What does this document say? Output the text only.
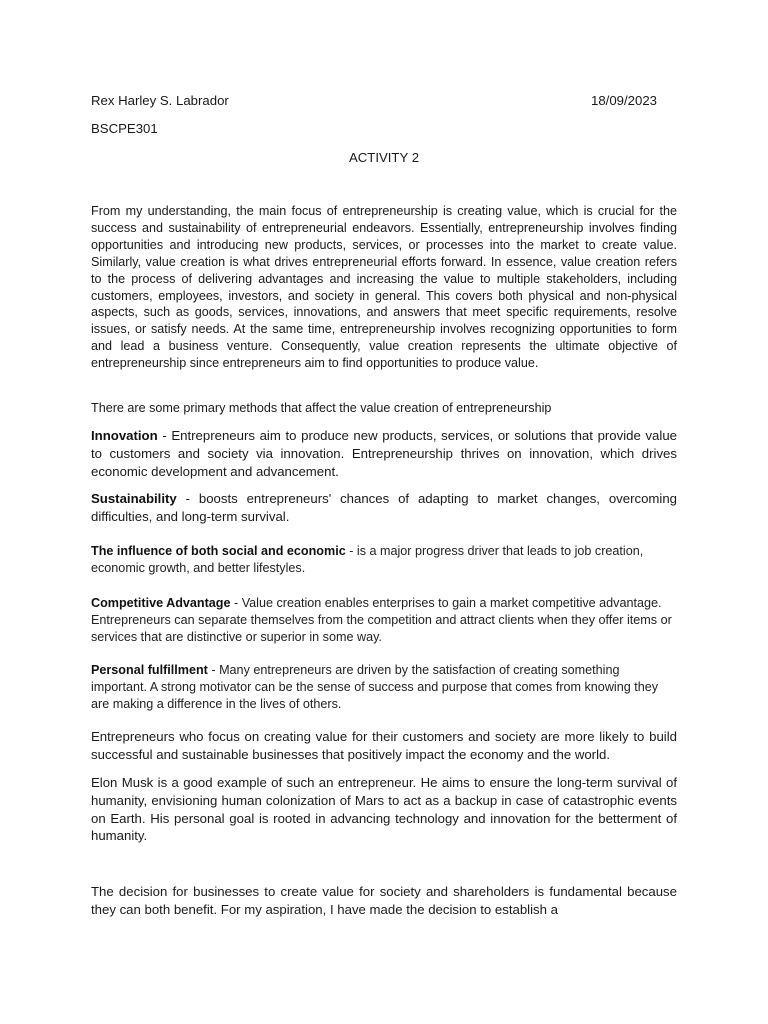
Rex Harley S. Labrador	18/09/2023
BSCPE301
ACTIVITY 2

From my understanding, the main focus of entrepreneurship is creating value, which is crucial for the success and sustainability of entrepreneurial endeavors. Essentially, entrepreneurship involves finding opportunities and introducing new products, services, or processes into the market to create value. Similarly, value creation is what drives entrepreneurial efforts forward. In essence, value creation refers to the process of delivering advantages and increasing the value to multiple stakeholders, including customers, employees, investors, and society in general. This covers both physical and non-physical aspects, such as goods, services, innovations, and answers that meet specific requirements, resolve issues, or satisfy needs. At the same time, entrepreneurship involves recognizing opportunities to form and lead a business venture. Consequently, value creation represents the ultimate objective of entrepreneurship since entrepreneurs aim to find opportunities to produce value.

There are some primary methods that affect the value creation of entrepreneurship

Innovation - Entrepreneurs aim to produce new products, services, or solutions that provide value to customers and society via innovation. Entrepreneurship thrives on innovation, which drives economic development and advancement.

Sustainability - boosts entrepreneurs' chances of adapting to market changes, overcoming difficulties, and long-term survival.

The influence of both social and economic - is a major progress driver that leads to job creation, economic growth, and better lifestyles.

Competitive Advantage - Value creation enables enterprises to gain a market competitive advantage. Entrepreneurs can separate themselves from the competition and attract clients when they offer items or services that are distinctive or superior in some way.

Personal fulfillment - Many entrepreneurs are driven by the satisfaction of creating something important. A strong motivator can be the sense of success and purpose that comes from knowing they are making a difference in the lives of others.

Entrepreneurs who focus on creating value for their customers and society are more likely to build successful and sustainable businesses that positively impact the economy and the world.

Elon Musk is a good example of such an entrepreneur. He aims to ensure the long-term survival of humanity, envisioning human colonization of Mars to act as a backup in case of catastrophic events on Earth. His personal goal is rooted in advancing technology and innovation for the betterment of humanity.

The decision for businesses to create value for society and shareholders is fundamental because they can both benefit. For my aspiration, I have made the decision to establish a
